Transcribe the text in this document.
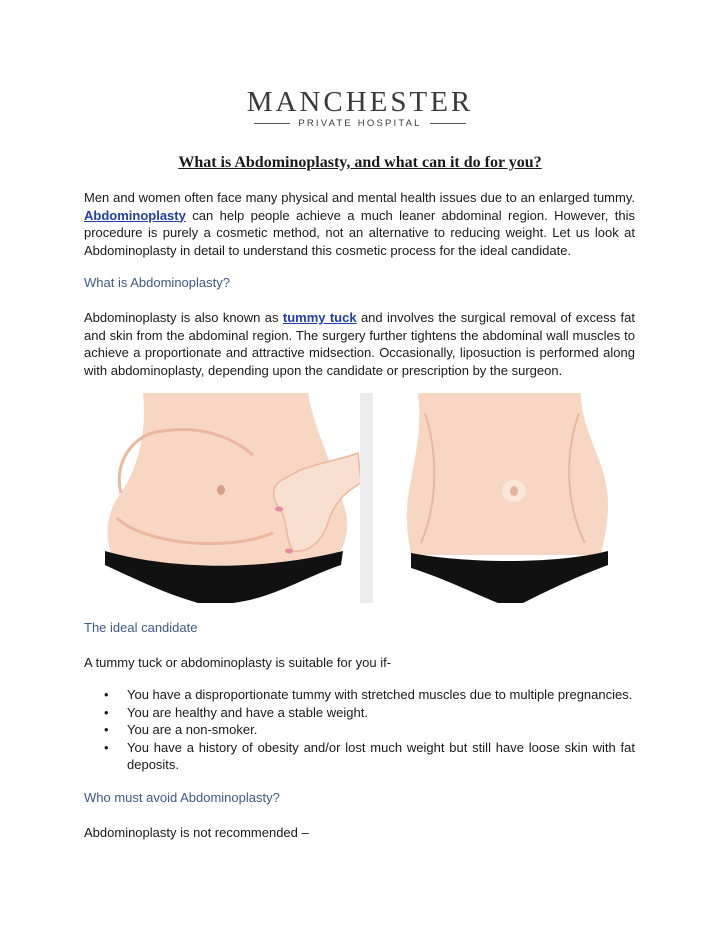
MANCHESTER
PRIVATE HOSPITAL
What is Abdominoplasty, and what can it do for you?

Men and women often face many physical and mental health issues due to an enlarged tummy. Abdominoplasty can help people achieve a much leaner abdominal region. However, this procedure is purely a cosmetic method, not an alternative to reducing weight. Let us look at Abdominoplasty in detail to understand this cosmetic process for the ideal candidate.

What is Abdominoplasty?

Abdominoplasty is also known as tummy tuck and involves the surgical removal of excess fat and skin from the abdominal region. The surgery further tightens the abdominal wall muscles to achieve a proportionate and attractive midsection. Occasionally, liposuction is performed along with abdominoplasty, depending upon the candidate or prescription by the surgeon.

The ideal candidate

A tummy tuck or abdominoplasty is suitable for you if-

• You have a disproportionate tummy with stretched muscles due to multiple pregnancies.
• You are healthy and have a stable weight.
• You are a non-smoker.
• You have a history of obesity and/or lost much weight but still have loose skin with fat deposits.
Who must avoid Abdominoplasty?

Abdominoplasty is not recommended –
